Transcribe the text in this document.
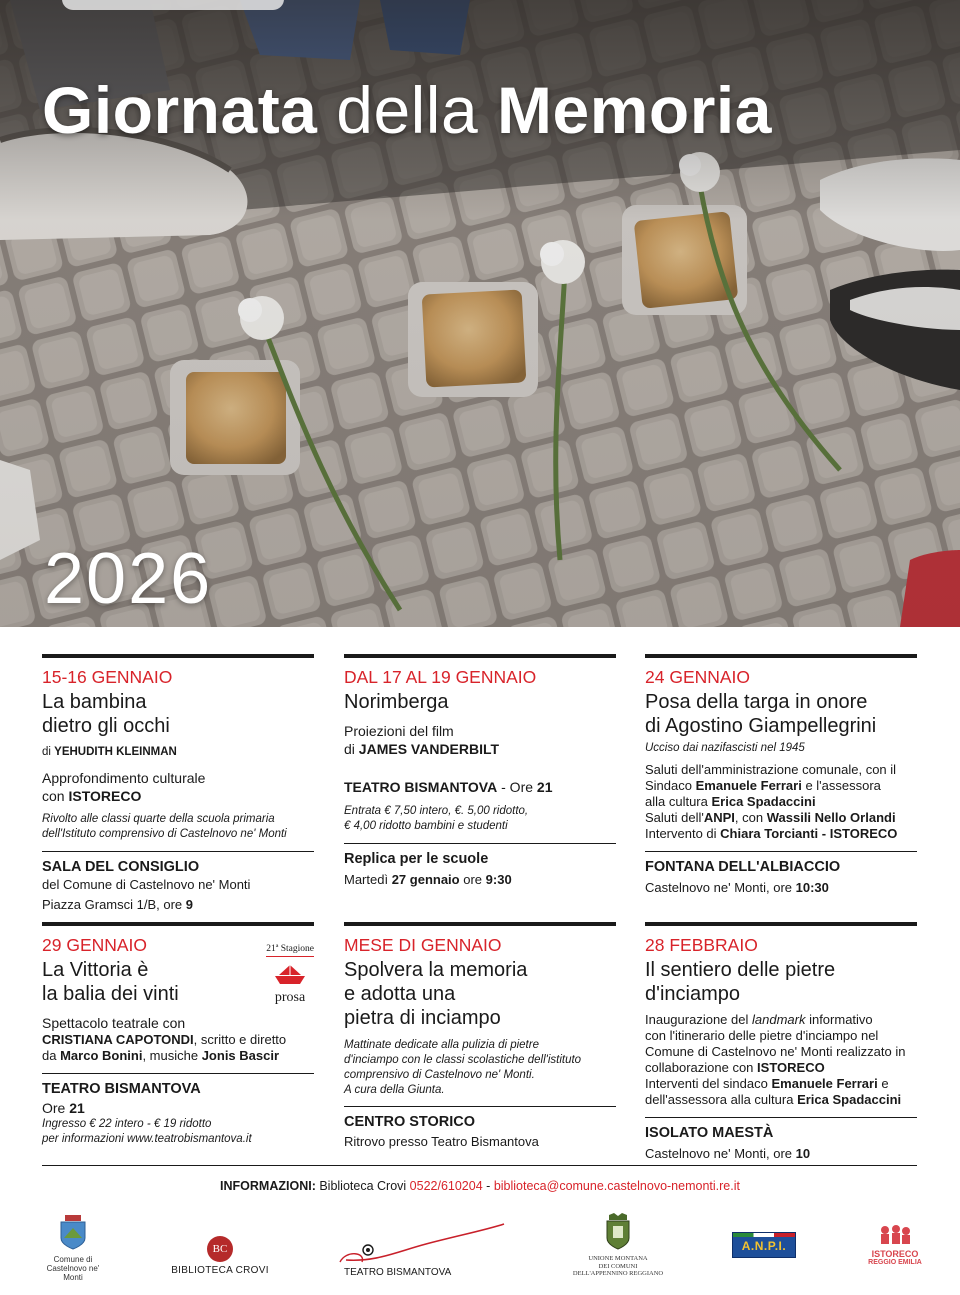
Giornata della Memoria
2026
15-16 GENNAIO
La bambina
dietro gli occhi
di YEHUDITH KLEINMAN
Approfondimento culturale
con ISTORECO
Rivolto alle classi quarte della scuola primaria
dell'Istituto comprensivo di Castelnovo ne' Monti
SALA DEL CONSIGLIO
del Comune di Castelnovo ne' Monti
Piazza Gramsci 1/B, ore 9
DAL 17 AL 19 GENNAIO
Norimberga
Proiezioni del film
di JAMES VANDERBILT
TEATRO BISMANTOVA - Ore 21
Entrata € 7,50 intero, €. 5,00 ridotto,
€ 4,00 ridotto bambini e studenti
Replica per le scuole
Martedì 27 gennaio ore 9:30
24 GENNAIO
Posa della targa in onore
di Agostino Giampellegrini
Ucciso dai nazifascisti nel 1945
Saluti dell'amministrazione comunale, con il
Sindaco Emanuele Ferrari e l'assessora
alla cultura Erica Spadaccini
Saluti dell'ANPI, con Wassili Nello Orlandi
Intervento di Chiara Torcianti - ISTORECO
FONTANA DELL'ALBIACCIO
Castelnovo ne' Monti, ore 10:30
29 GENNAIO	21ª Stagione
La Vittoria è
la balia dei vinti	prosa
Spettacolo teatrale con
CRISTIANA CAPOTONDI, scritto e diretto
da Marco Bonini, musiche Jonis Bascir
TEATRO BISMANTOVA
Ore 21
Ingresso € 22 intero - € 19 ridotto
per informazioni www.teatrobismantova.it
MESE DI GENNAIO
Spolvera la memoria
e adotta una
pietra di inciampo
Mattinate dedicate alla pulizia di pietre
d'inciampo con le classi scolastiche dell'istituto
comprensivo di Castelnovo ne' Monti.
A cura della Giunta.
CENTRO STORICO
Ritrovo presso Teatro Bismantova
28 FEBBRAIO
Il sentiero delle pietre
d'inciampo
Inaugurazione del landmark informativo
con l'itinerario delle pietre d'inciampo nel
Comune di Castelnovo ne' Monti realizzato in
collaborazione con ISTORECO
Interventi del sindaco Emanuele Ferrari e
dell'assessora alla cultura Erica Spadaccini
ISOLATO MAESTÀ
Castelnovo ne' Monti, ore 10
INFORMAZIONI: Biblioteca Crovi 0522/610204 - biblioteca@comune.castelnovo-nemonti.re.it
Comune di
Castelnovo ne' Monti
BC
BIBLIOTECA CROVI	TEATRO BISMANTOVA
UNIONE MONTANA
DEI COMUNI
DELL'APPENNINO REGGIANO
A.N.P.I.
ISTORECO
REGGIO EMILIA
